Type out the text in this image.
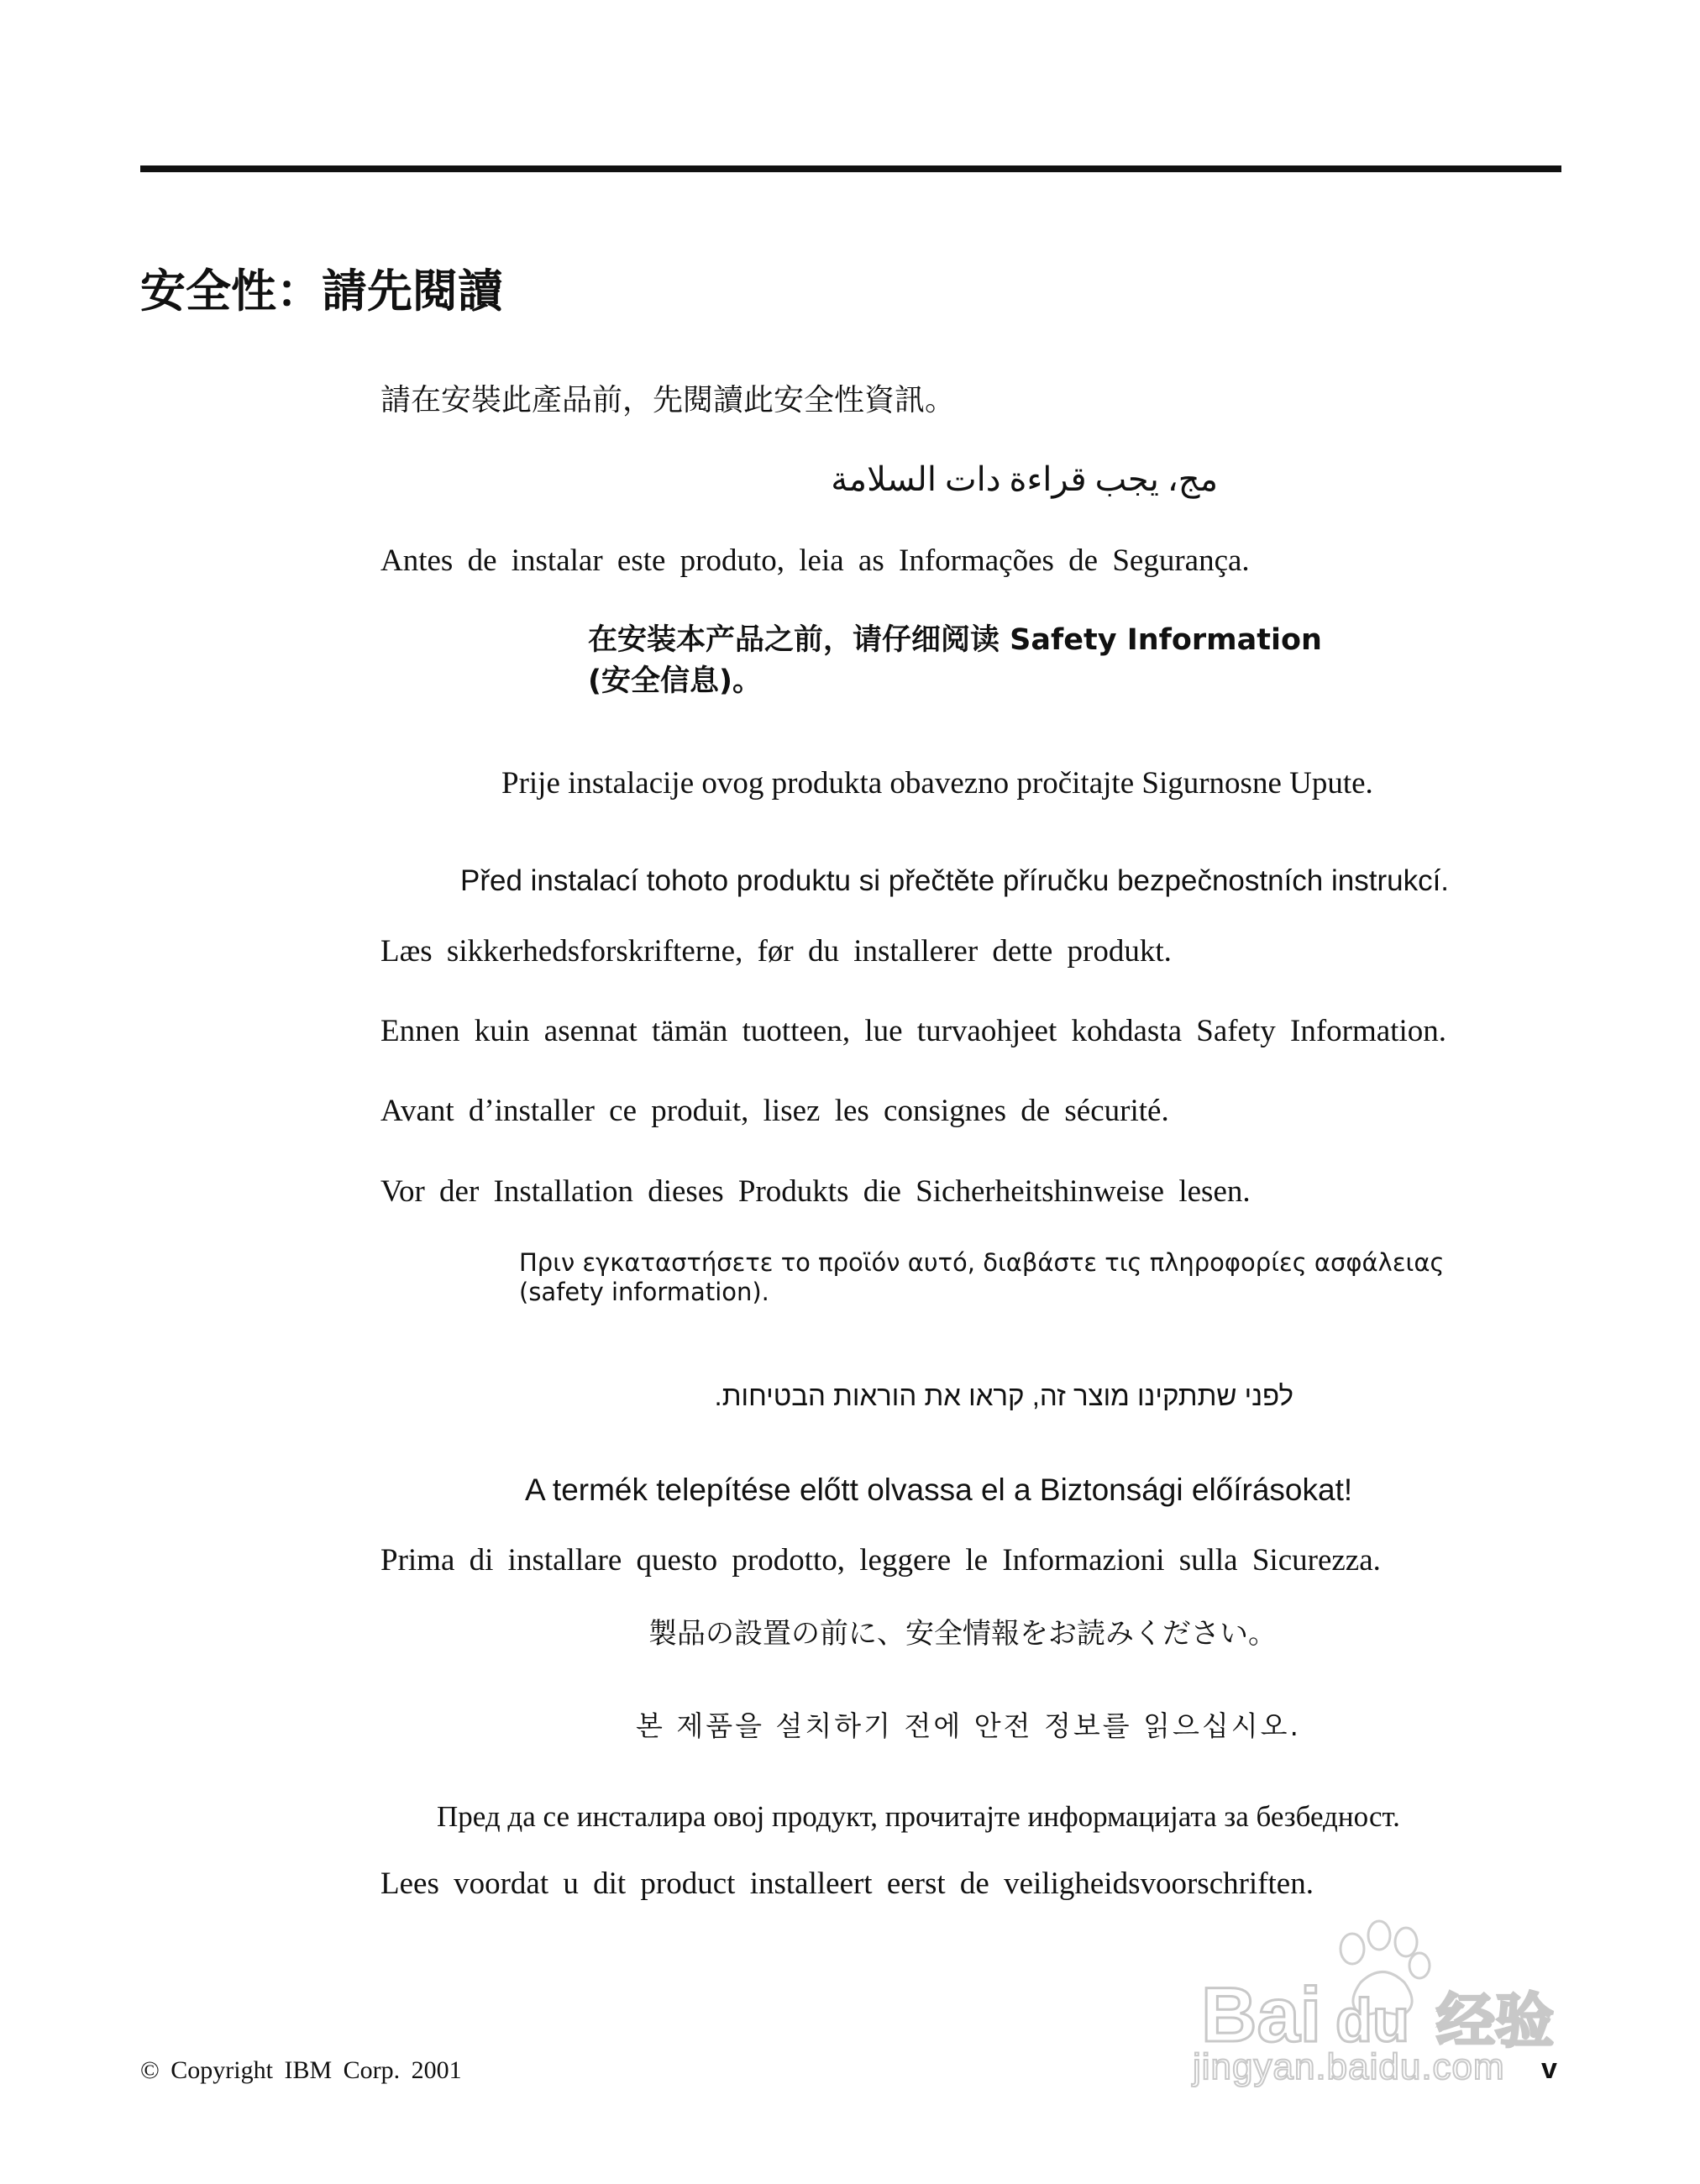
安全性：請先閱讀
請在安裝此產品前，先閱讀此安全性資訊。
مج، يجب قراءة دات السلامة
Antes de instalar este produto, leia as Informações de Segurança.
在安装本产品之前，请仔细阅读 Safety Information
(安全信息)。
Prije instalacije ovog produkta obavezno pročitajte Sigurnosne Upute.
Před instalací tohoto produktu si přečtěte příručku bezpečnostních instrukcí.
Læs sikkerhedsforskrifterne, før du installerer dette produkt.
Ennen kuin asennat tämän tuotteen, lue turvaohjeet kohdasta Safety Information.
Avant d’installer ce produit, lisez les consignes de sécurité.
Vor der Installation dieses Produkts die Sicherheitshinweise lesen.
Πριν εγκαταστήσετε το προϊόν αυτό, διαβάστε τις πληροφορίες ασφάλειας
(safety information).
לפני שתתקינו מוצר זה, קראו את הוראות הבטיחות.
A termék telepítése előtt olvassa el a Biztonsági előírásokat!
Prima di installare questo prodotto, leggere le Informazioni sulla Sicurezza.
製品の設置の前に、安全情報をお読みください。
본 제품을 설치하기 전에 안전 정보를 읽으십시오.
Пред да се инсталира овој продукт, прочитајте информацијата за безбедност.
Lees voordat u dit product installeert eerst de veiligheidsvoorschriften.
© Copyright IBM Corp. 2001	v
Bai du 经验
jingyan.baidu.com
